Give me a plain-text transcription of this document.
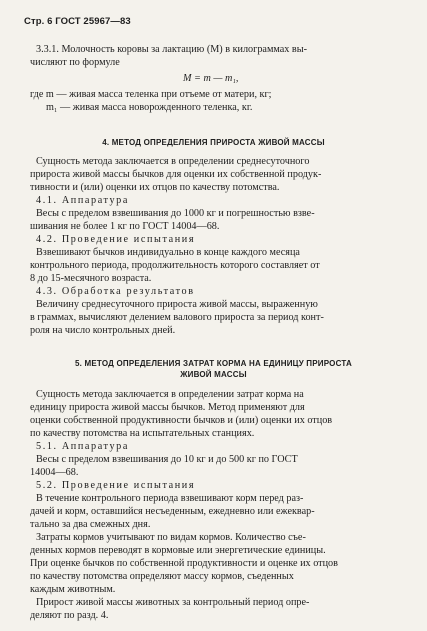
Стр. 6 ГОСТ 25967—83
3.3.1. Молочность коровы за лактацию (M) в килограммах вы-
числяют по формуле
M = m — m₁,
где m — живая масса теленка при отъеме от матери, кг;
m₁ — живая масса новорожденного теленка, кг.
4. МЕТОД ОПРЕДЕЛЕНИЯ ПРИРОСТА ЖИВОЙ МАССЫ
Сущность метода заключается в определении среднесуточного
прироста живой массы бычков для оценки их собственной продук-
тивности и (или) оценки их отцов по качеству потомства.
4.1. Аппаратура
Весы с пределом взвешивания до 1000 кг и погрешностью взве-
шивания не более 1 кг по ГОСТ 14004—68.
4.2. Проведение испытания
Взвешивают бычков индивидуально в конце каждого месяца
контрольного периода, продолжительность которого составляет от
8 до 15-месячного возраста.
4.3. Обработка результатов
Величину среднесуточного прироста живой массы, выраженную
в граммах, вычисляют делением валового прироста за период конт-
роля на число контрольных дней.
5. МЕТОД ОПРЕДЕЛЕНИЯ ЗАТРАТ КОРМА НА ЕДИНИЦУ ПРИРОСТА
ЖИВОЙ МАССЫ
Сущность метода заключается в определении затрат корма на
единицу прироста живой массы бычков. Метод применяют для
оценки собственной продуктивности бычков и (или) оценки их отцов
по качеству потомства на испытательных станциях.
5.1. Аппаратура
Весы с пределом взвешивания до 10 кг и до 500 кг по ГОСТ
14004—68.
5.2. Проведение испытания
В течение контрольного периода взвешивают корм перед раз-
дачей и корм, оставшийся несъеденным, ежедневно или ежеквар-
тально за два смежных дня.
Затраты кормов учитывают по видам кормов. Количество съе-
денных кормов переводят в кормовые или энергетические единицы.
При оценке бычков по собственной продуктивности и оценке их отцов
по качеству потомства определяют массу кормов, съеденных
каждым животным.
Прирост живой массы животных за контрольный период опре-
деляют по разд. 4.
